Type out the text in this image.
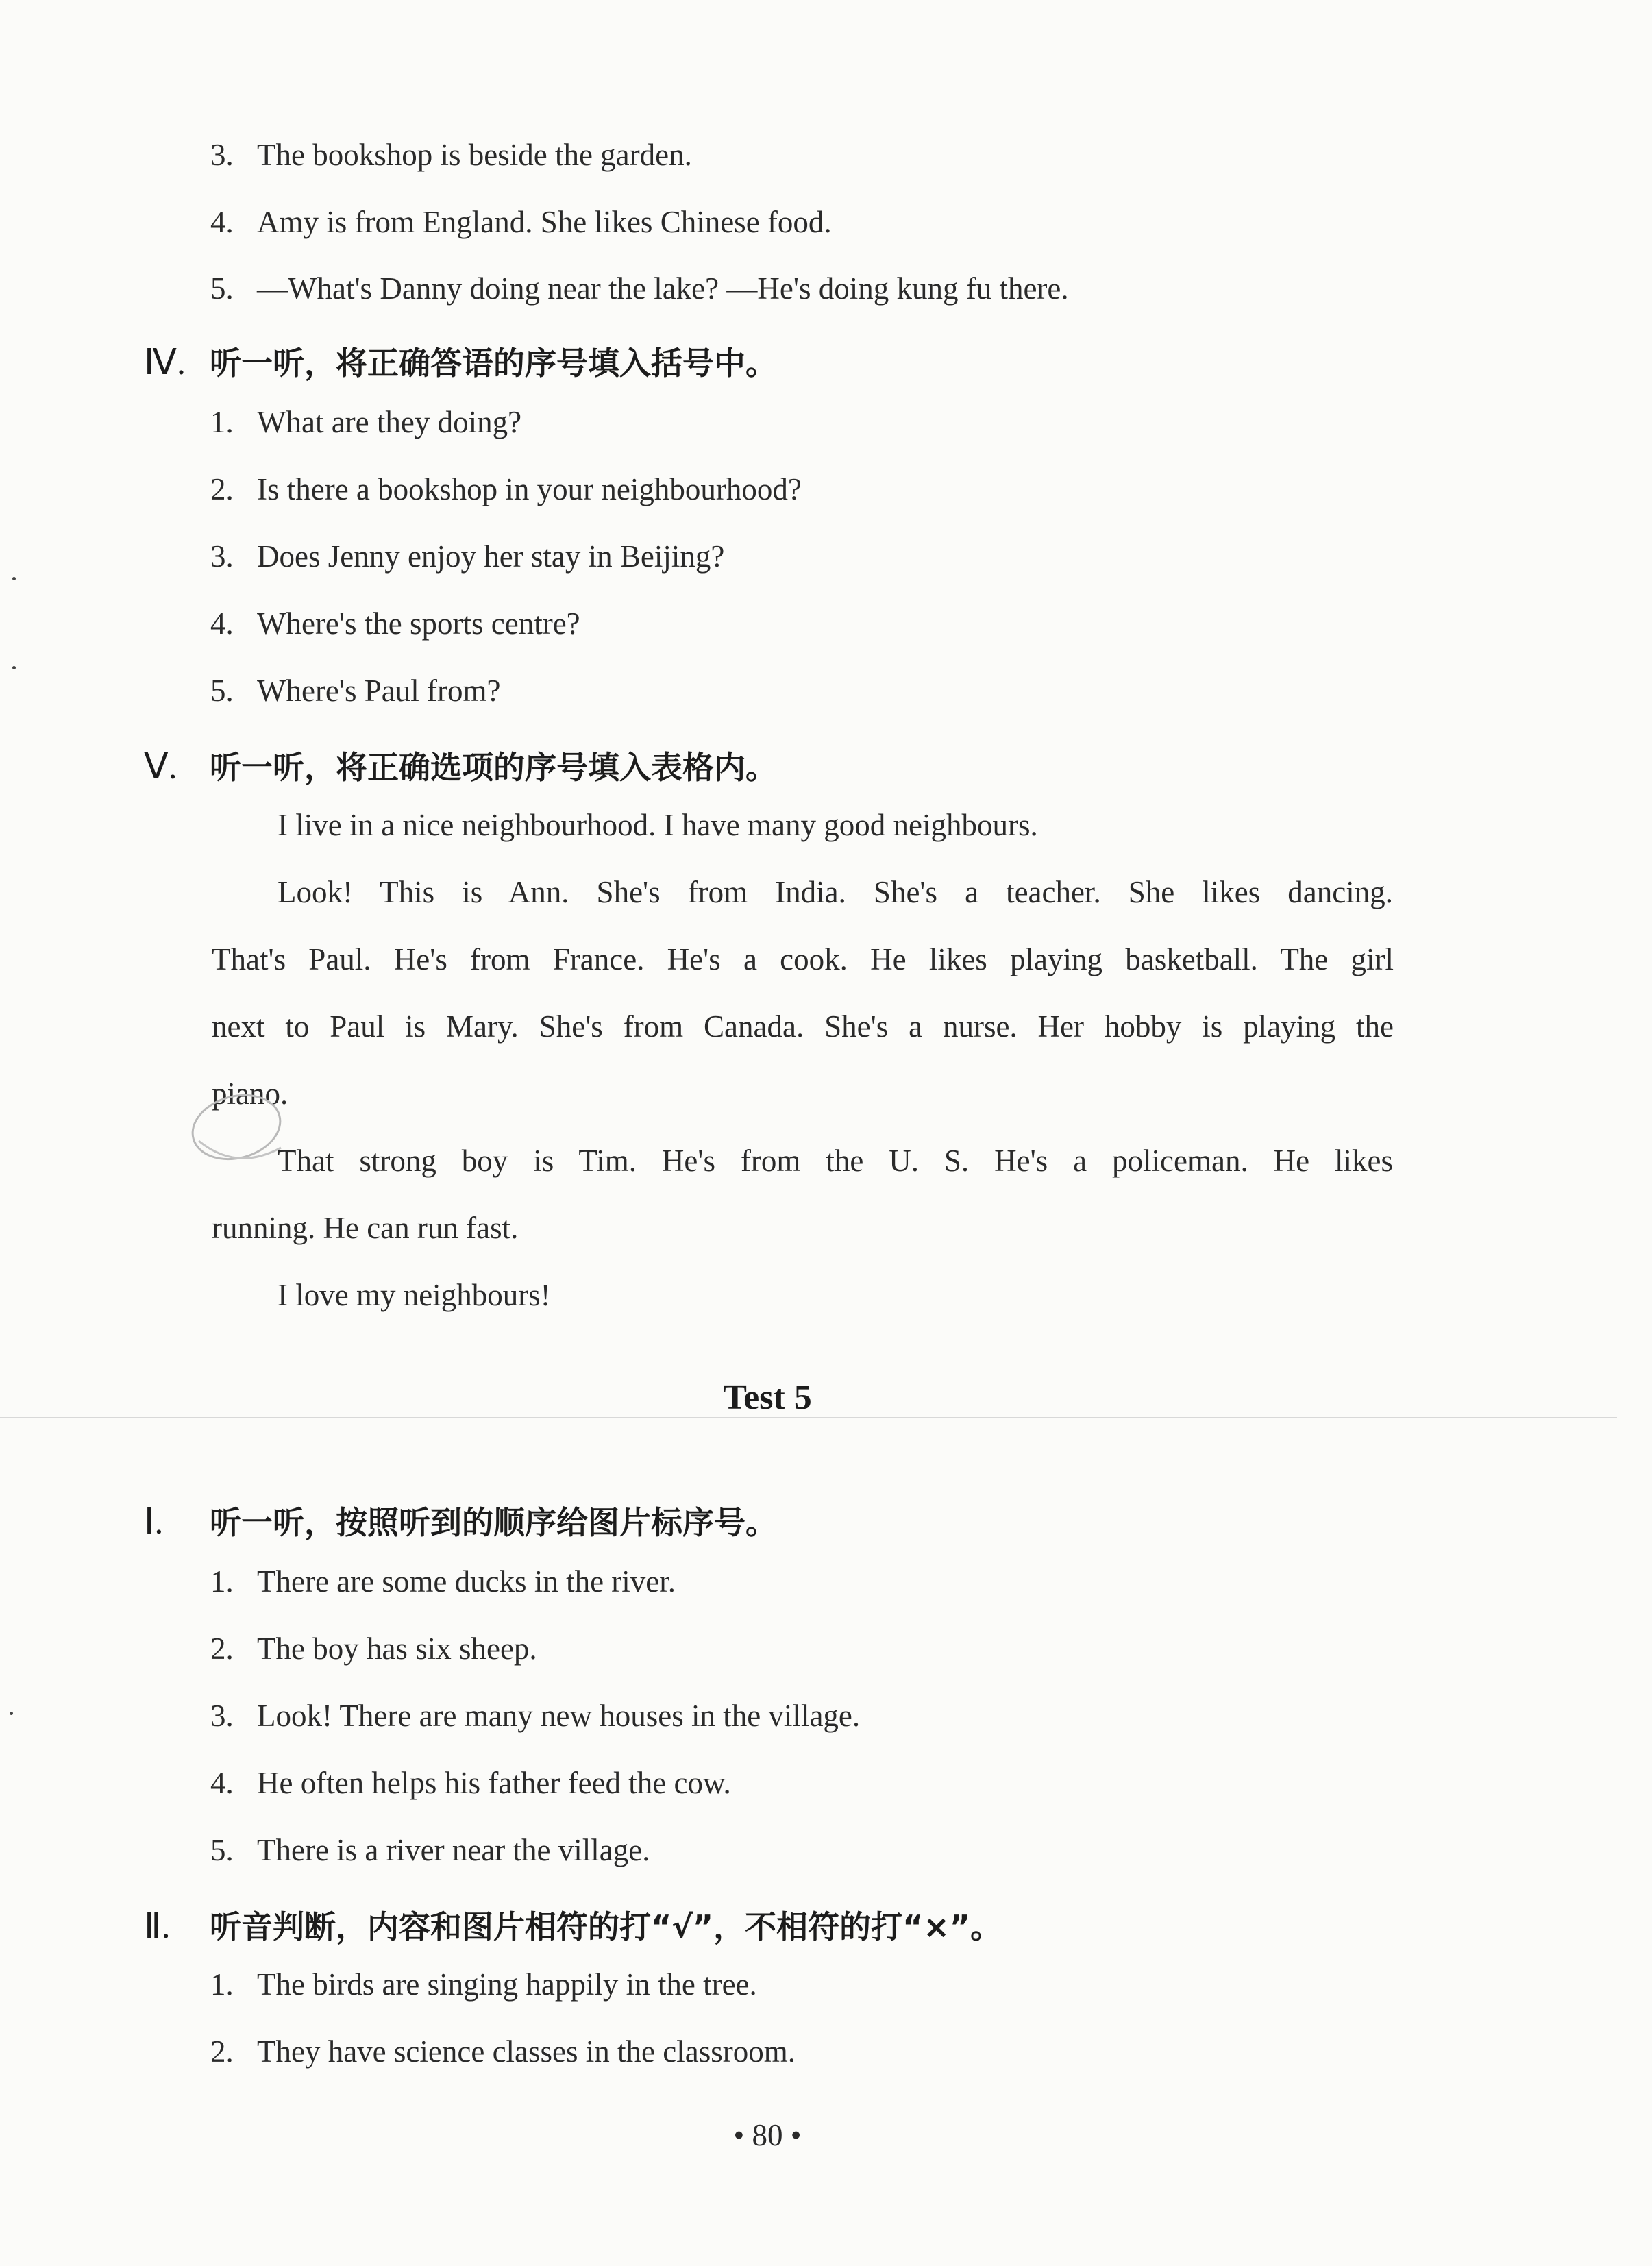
3. The bookshop is beside the garden.
4. Amy is from England. She likes Chinese food.
5. —What's Danny doing near the lake? —He's doing kung fu there.
Ⅳ. 听一听，将正确答语的序号填入括号中。
1. What are they doing?
2. Is there a bookshop in your neighbourhood?
3. Does Jenny enjoy her stay in Beijing?
4. Where's the sports centre?
5. Where's Paul from?
Ⅴ. 听一听，将正确选项的序号填入表格内。
I live in a nice neighbourhood. I have many good neighbours.
Look! This is Ann. She's from India. She's a teacher. She likes dancing.
That's Paul. He's from France. He's a cook. He likes playing basketball. The girl
next to Paul is Mary. She's from Canada. She's a nurse. Her hobby is playing the
piano.
That strong boy is Tim. He's from the U. S. He's a policeman. He likes
running. He can run fast.
I love my neighbours!
Test 5
Ⅰ. 听一听，按照听到的顺序给图片标序号。
1. There are some ducks in the river.
2. The boy has six sheep.
3. Look! There are many new houses in the village.
4. He often helps his father feed the cow.
5. There is a river near the village.
Ⅱ. 听音判断，内容和图片相符的打“√”，不相符的打“×”。
1. The birds are singing happily in the tree.
2. They have science classes in the classroom.
• 80 •
